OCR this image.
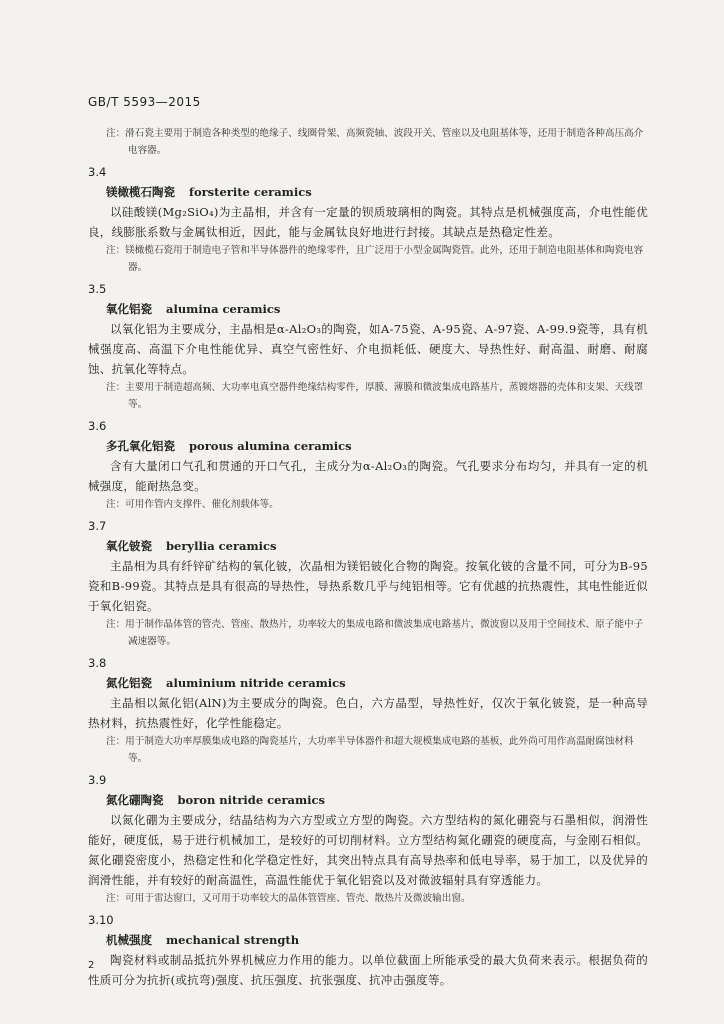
GB/T 5593—2015
注：滑石瓷主要用于制造各种类型的绝缘子、线圈骨架、高频瓷轴、波段开关、管座以及电阻基体等，还用于制造各种高压高介电容器。
3.4
镁橄榄石陶瓷 forsterite ceramics
以硅酸镁(Mg₂SiO₄)为主晶相，并含有一定量的钡质玻璃相的陶瓷。其特点是机械强度高，介电性能优良，线膨胀系数与金属钛相近，因此，能与金属钛良好地进行封接。其缺点是热稳定性差。
注：镁橄榄石瓷用于制造电子管和半导体器件的绝缘零件，且广泛用于小型金属陶瓷管。此外，还用于制造电阻基体和陶瓷电容器。
3.5
氧化铝瓷 alumina ceramics
以氧化铝为主要成分，主晶相是α-Al₂O₃的陶瓷，如A-75瓷、A-95瓷、A-97瓷、A-99.9瓷等，具有机械强度高、高温下介电性能优异、真空气密性好、介电损耗低、硬度大、导热性好、耐高温、耐磨、耐腐蚀、抗氧化等特点。
注：主要用于制造超高频、大功率电真空器件绝缘结构零件，厚膜、薄膜和微波集成电路基片，蒸镀熔器的壳体和支架、天线罩等。
3.6
多孔氧化铝瓷 porous alumina ceramics
含有大量闭口气孔和贯通的开口气孔，主成分为α-Al₂O₃的陶瓷。气孔要求分布均匀，并具有一定的机械强度，能耐热急变。
注：可用作管内支撑件、催化剂载体等。
3.7
氧化铍瓷 beryllia ceramics
主晶相为具有纤锌矿结构的氧化铍，次晶相为镁铝铍化合物的陶瓷。按氧化铍的含量不同，可分为B-95瓷和B-99瓷。其特点是具有很高的导热性，导热系数几乎与纯铝相等。它有优越的抗热震性，其电性能近似于氧化铝瓷。
注：用于制作晶体管的管壳、管座、散热片，功率较大的集成电路和微波集成电路基片，微波窗以及用于空间技术、原子能中子减速器等。
3.8
氮化铝瓷 aluminium nitride ceramics
主晶相以氮化铝(AlN)为主要成分的陶瓷。色白，六方晶型，导热性好，仅次于氧化铍瓷，是一种高导热材料，抗热震性好，化学性能稳定。
注：用于制造大功率厚膜集成电路的陶瓷基片，大功率半导体器件和超大规模集成电路的基板，此外尚可用作高温耐腐蚀材料等。
3.9
氮化硼陶瓷 boron nitride ceramics
以氮化硼为主要成分，结晶结构为六方型或立方型的陶瓷。六方型结构的氮化硼瓷与石墨相似，润滑性能好，硬度低，易于进行机械加工，是较好的可切削材料。立方型结构氮化硼瓷的硬度高，与金刚石相似。氮化硼瓷密度小，热稳定性和化学稳定性好，其突出特点具有高导热率和低电导率，易于加工，以及优异的润滑性能，并有较好的耐高温性，高温性能优于氧化铝瓷以及对微波辐射具有穿透能力。
注：可用于雷达窗口，又可用于功率较大的晶体管管座、管壳、散热片及微波输出窗。
3.10
机械强度 mechanical strength
陶瓷材料或制品抵抗外界机械应力作用的能力。以单位截面上所能承受的最大负荷来表示。根据负荷的性质可分为抗折(或抗弯)强度、抗压强度、抗张强度、抗冲击强度等。
2
